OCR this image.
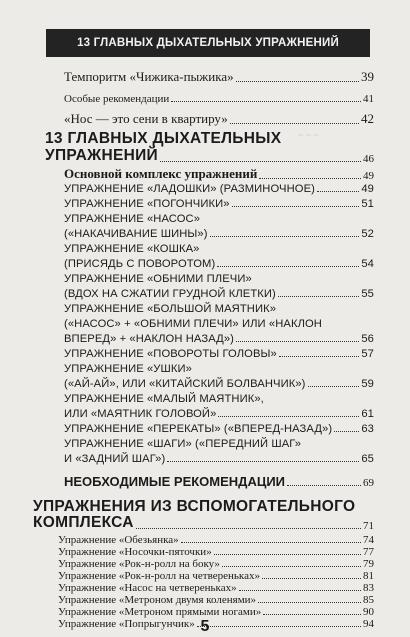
13 ГЛАВНЫХ ДЫХАТЕЛЬНЫХ УПРАЖНЕНИЙ
Темпоритм «Чижика-пыжика»	39
Особые рекомендации	41
«Нос — это сени в квартиру»	42
~ ~ ~
13 ГЛАВНЫХ ДЫХАТЕЛЬНЫХ
УПРАЖНЕНИЙ	46
Основной комплекс упражнений	49
УПРАЖНЕНИЕ «ЛАДОШКИ» (РАЗМИНОЧНОЕ)	49
УПРАЖНЕНИЕ «ПОГОНЧИКИ»	51
УПРАЖНЕНИЕ «НАСОС»
(«НАКАЧИВАНИЕ ШИНЫ»)	52
УПРАЖНЕНИЕ «КОШКА»
(ПРИСЯДЬ С ПОВОРОТОМ)	54
УПРАЖНЕНИЕ «ОБНИМИ ПЛЕЧИ»
(ВДОХ НА СЖАТИИ ГРУДНОЙ КЛЕТКИ)	55
УПРАЖНЕНИЕ «БОЛЬШОЙ МАЯТНИК»
(«НАСОС» + «ОБНИМИ ПЛЕЧИ» ИЛИ «НАКЛОН
ВПЕРЕД» + «НАКЛОН НАЗАД»)	56
УПРАЖНЕНИЕ «ПОВОРОТЫ ГОЛОВЫ»	57
УПРАЖНЕНИЕ «УШКИ»
(«АЙ-АЙ», ИЛИ «КИТАЙСКИЙ БОЛВАНЧИК»)	59
УПРАЖНЕНИЕ «МАЛЫЙ МАЯТНИК»,
ИЛИ «МАЯТНИК ГОЛОВОЙ»	61
УПРАЖНЕНИЕ «ПЕРЕКАТЫ» («ВПЕРЕД-НАЗАД»)	63
УПРАЖНЕНИЕ «ШАГИ» («ПЕРЕДНИЙ ШАГ»
И «ЗАДНИЙ ШАГ»)	65
НЕОБХОДИМЫЕ РЕКОМЕНДАЦИИ	69
УПРАЖНЕНИЯ ИЗ ВСПОМОГАТЕЛЬНОГО
КОМПЛЕКСА	71
Упражнение «Обезьянка»	74
Упражнение «Носочки-пяточки»	77
Упражнение «Рок-н-ролл на боку»	79
Упражнение «Рок-н-ролл на четвереньках»	81
Упражнение «Насос на четвереньках»	83
Упражнение «Метроном двумя коленями»	85
Упражнение «Метроном прямыми ногами»	90
Упражнение «Попрыгунчик»	94
5
